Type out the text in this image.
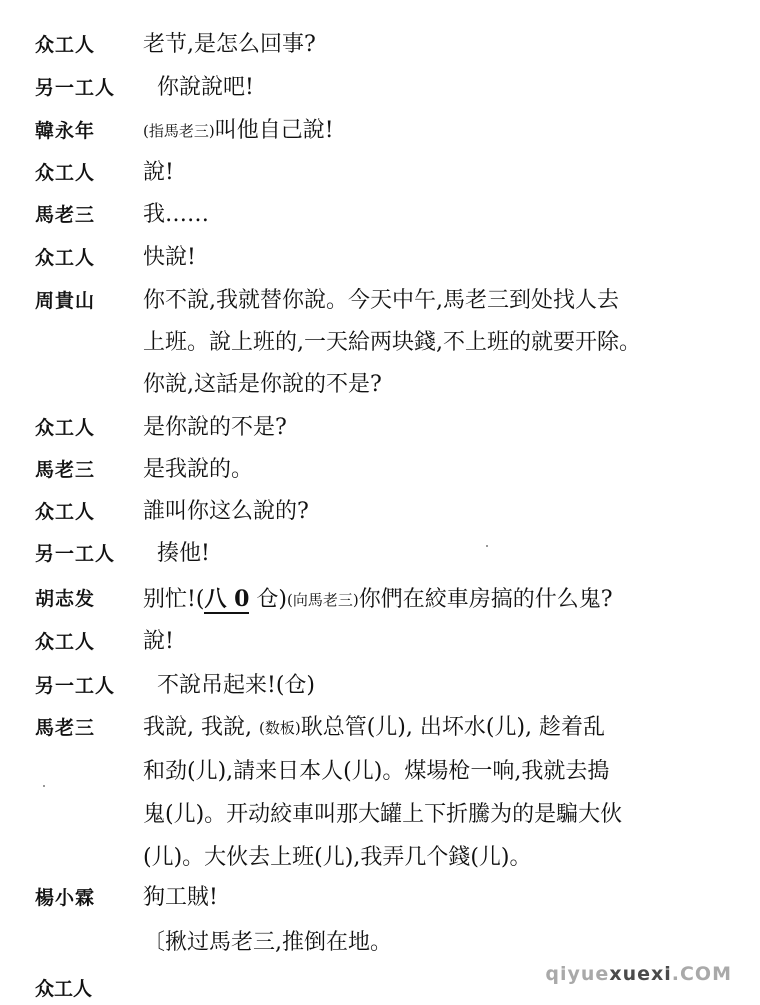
众工人 老节,是怎么回事?
另一工人 你說說吧!
韓永年	(指馬老三)叫他自己說!
众工人 說!
馬老三 我……
众工人 快說!
周貴山 你不說,我就替你說。今天中午,馬老三到处找人去
上班。說上班的,一天給两块錢,不上班的就要开除。
你說,这話是你說的不是?
众工人 是你說的不是?
馬老三 是我說的。
众工人 誰叫你这么說的?
另一工人 揍他!
胡志发 别忙!(八 0 仓)(向馬老三)你們在絞車房搞的什么鬼?
众工人 說!
另一工人 不說吊起来!(仓)
馬老三 我說, 我說, (数板)耿总管(儿), 出坏水(儿), 趁着乱
和劲(儿),請来日本人(儿)。煤場枪一响,我就去搗
鬼(儿)。开动絞車叫那大罐上下折騰为的是騙大伙
(儿)。大伙去上班(儿),我弄几个錢(儿)。
楊小霖 狗工賊!
〔揪过馬老三,推倒在地。
众工人
qiyuexuexi.COM
